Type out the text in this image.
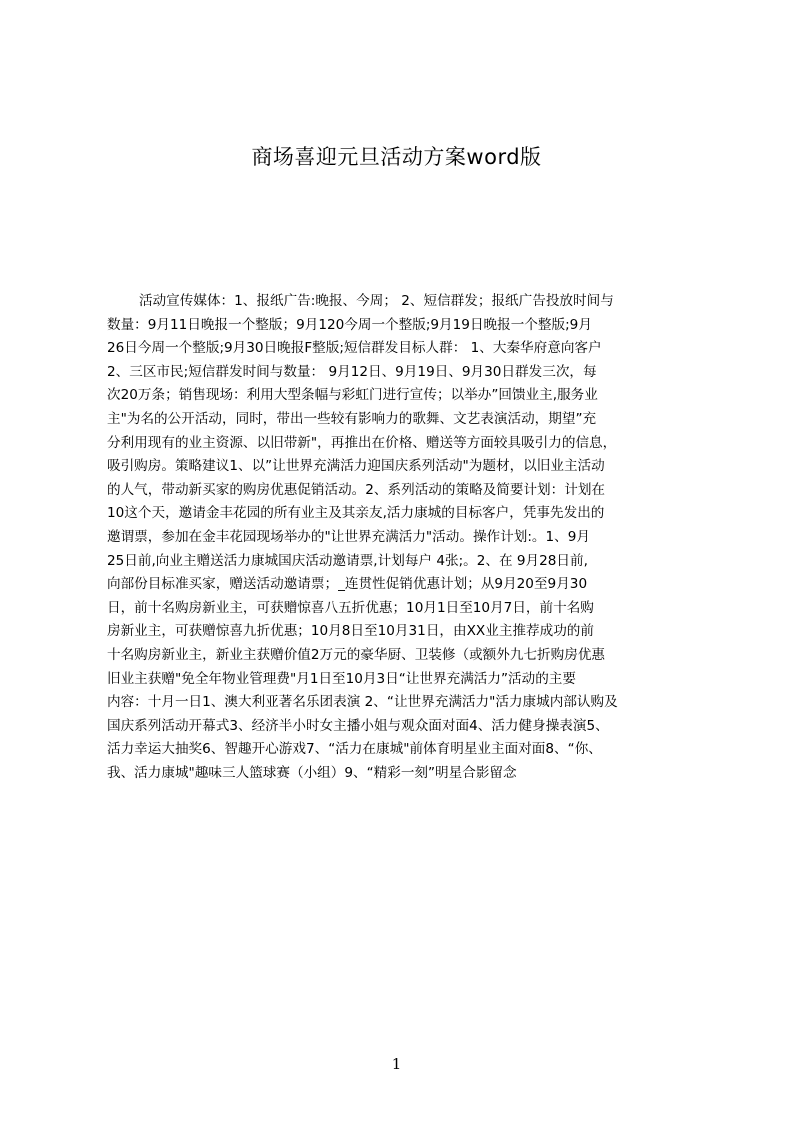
商场喜迎元旦活动方案word版
活动宣传媒体：1、报纸广告:晚报、今周； 2、短信群发；报纸广告投放时间与
数量：9月11日晚报一个整版；9月120今周一个整版;9月19日晚报一个整版;9月
26日今周一个整版;9月30日晚报F整版;短信群发目标人群： 1、大秦华府意向客户
2、三区市民;短信群发时间与数量： 9月12日、9月19日、9月30日群发三次，每
次20万条；销售现场：利用大型条幅与彩虹门进行宣传；以举办”回馈业主,服务业
主"为名的公开活动，同时，带出一些较有影响力的歌舞、文艺表演活动，期望”充
分利用现有的业主资源、以旧带新"，再推出在价格、赠送等方面较具吸引力的信息，
吸引购房。策略建议1、以”让世界充满活力迎国庆系列活动"为题材，以旧业主活动
的人气，带动新买家的购房优惠促销活动。2、系列活动的策略及简要计划：计划在
10这个天，邀请金丰花园的所有业主及其亲友,活力康城的目标客户，凭事先发出的
邀谓票，参加在金丰花园现场举办的"让世界充满活力"活动。操作计划:。1、9月
25日前,向业主赠送活力康城国庆活动邀请票,计划每户 4张;。2、在 9月28日前,
向部份目标准买家，赠送活动邀请票；_连贯性促销优惠计划；从9月20至9月30
日，前十名购房新业主，可获赠惊喜八五折优惠；10月1日至10月7日，前十名购
房新业主，可获赠惊喜九折优惠；10月8日至10月31日，由XX业主推荐成功的前
十名购房新业主，新业主获赠价值2万元的豪华厨、卫装修（或额外九七折购房优惠
旧业主获赠"免全年物业管理费"月1日至10月3日“让世界充满活力”活动的主要
内容：十月一日1、澳大利亚著名乐团表演 2、“让世界充满活力"活力康城内部认购及
国庆系列活动开幕式3、经济半小时女主播小姐与观众面对面4、活力健身操表演5、
活力幸运大抽奖6、智趣开心游戏7、“活力在康城"前体育明星业主面对面8、“你、
我、活力康城"趣味三人篮球赛（小组）9、“精彩一刻”明星合影留念
1
